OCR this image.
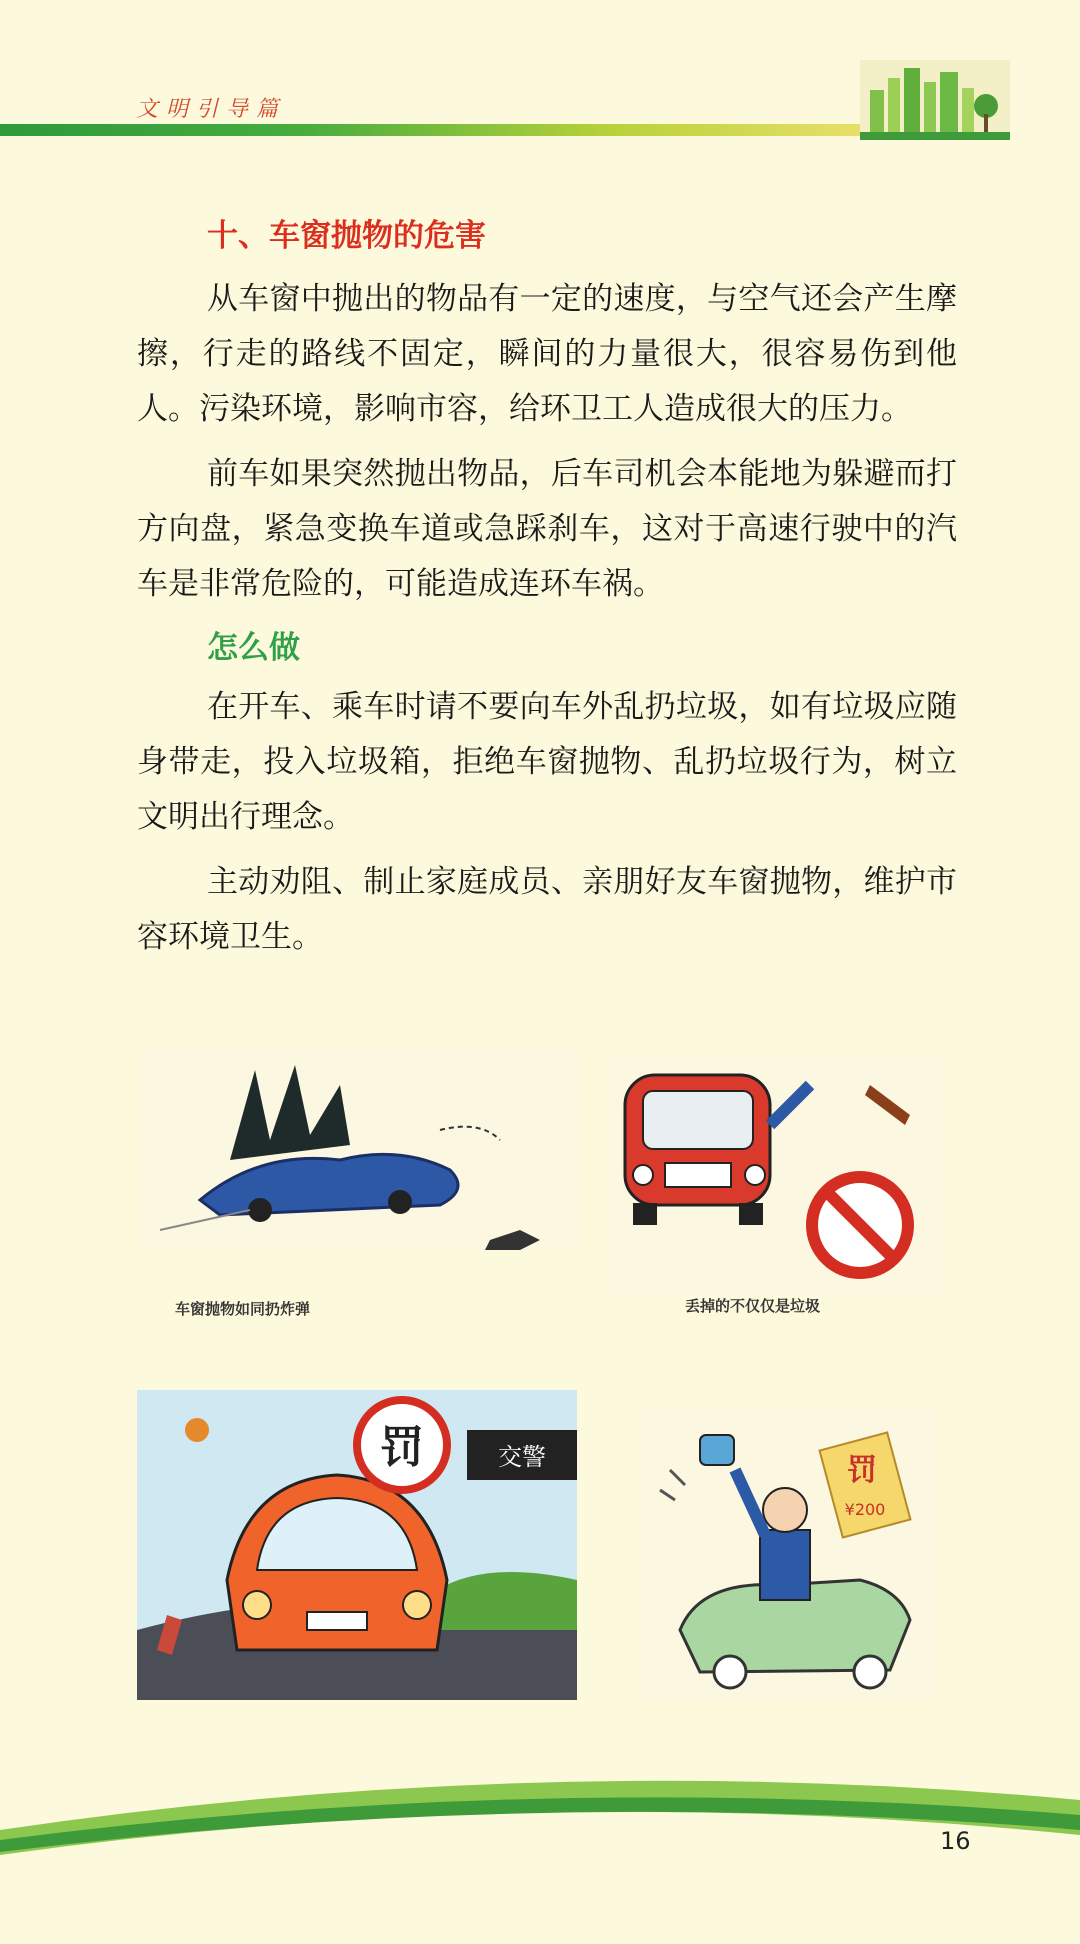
文明引导篇
十、车窗抛物的危害

从车窗中抛出的物品有一定的速度，与空气还会产生摩擦，行走的路线不固定，瞬间的力量很大，很容易伤到他人。污染环境，影响市容，给环卫工人造成很大的压力。

前车如果突然抛出物品，后车司机会本能地为躲避而打方向盘，紧急变换车道或急踩刹车，这对于高速行驶中的汽车是非常危险的，可能造成连环车祸。

怎么做

在开车、乘车时请不要向车外乱扔垃圾，如有垃圾应随身带走，投入垃圾箱，拒绝车窗抛物、乱扔垃圾行为，树立文明出行理念。

主动劝阻、制止家庭成员、亲朋好友车窗抛物，维护市容环境卫生。

车窗抛物如同扔炸弹	丢掉的不仅仅是垃圾
罚	交警	罚
¥200
16
